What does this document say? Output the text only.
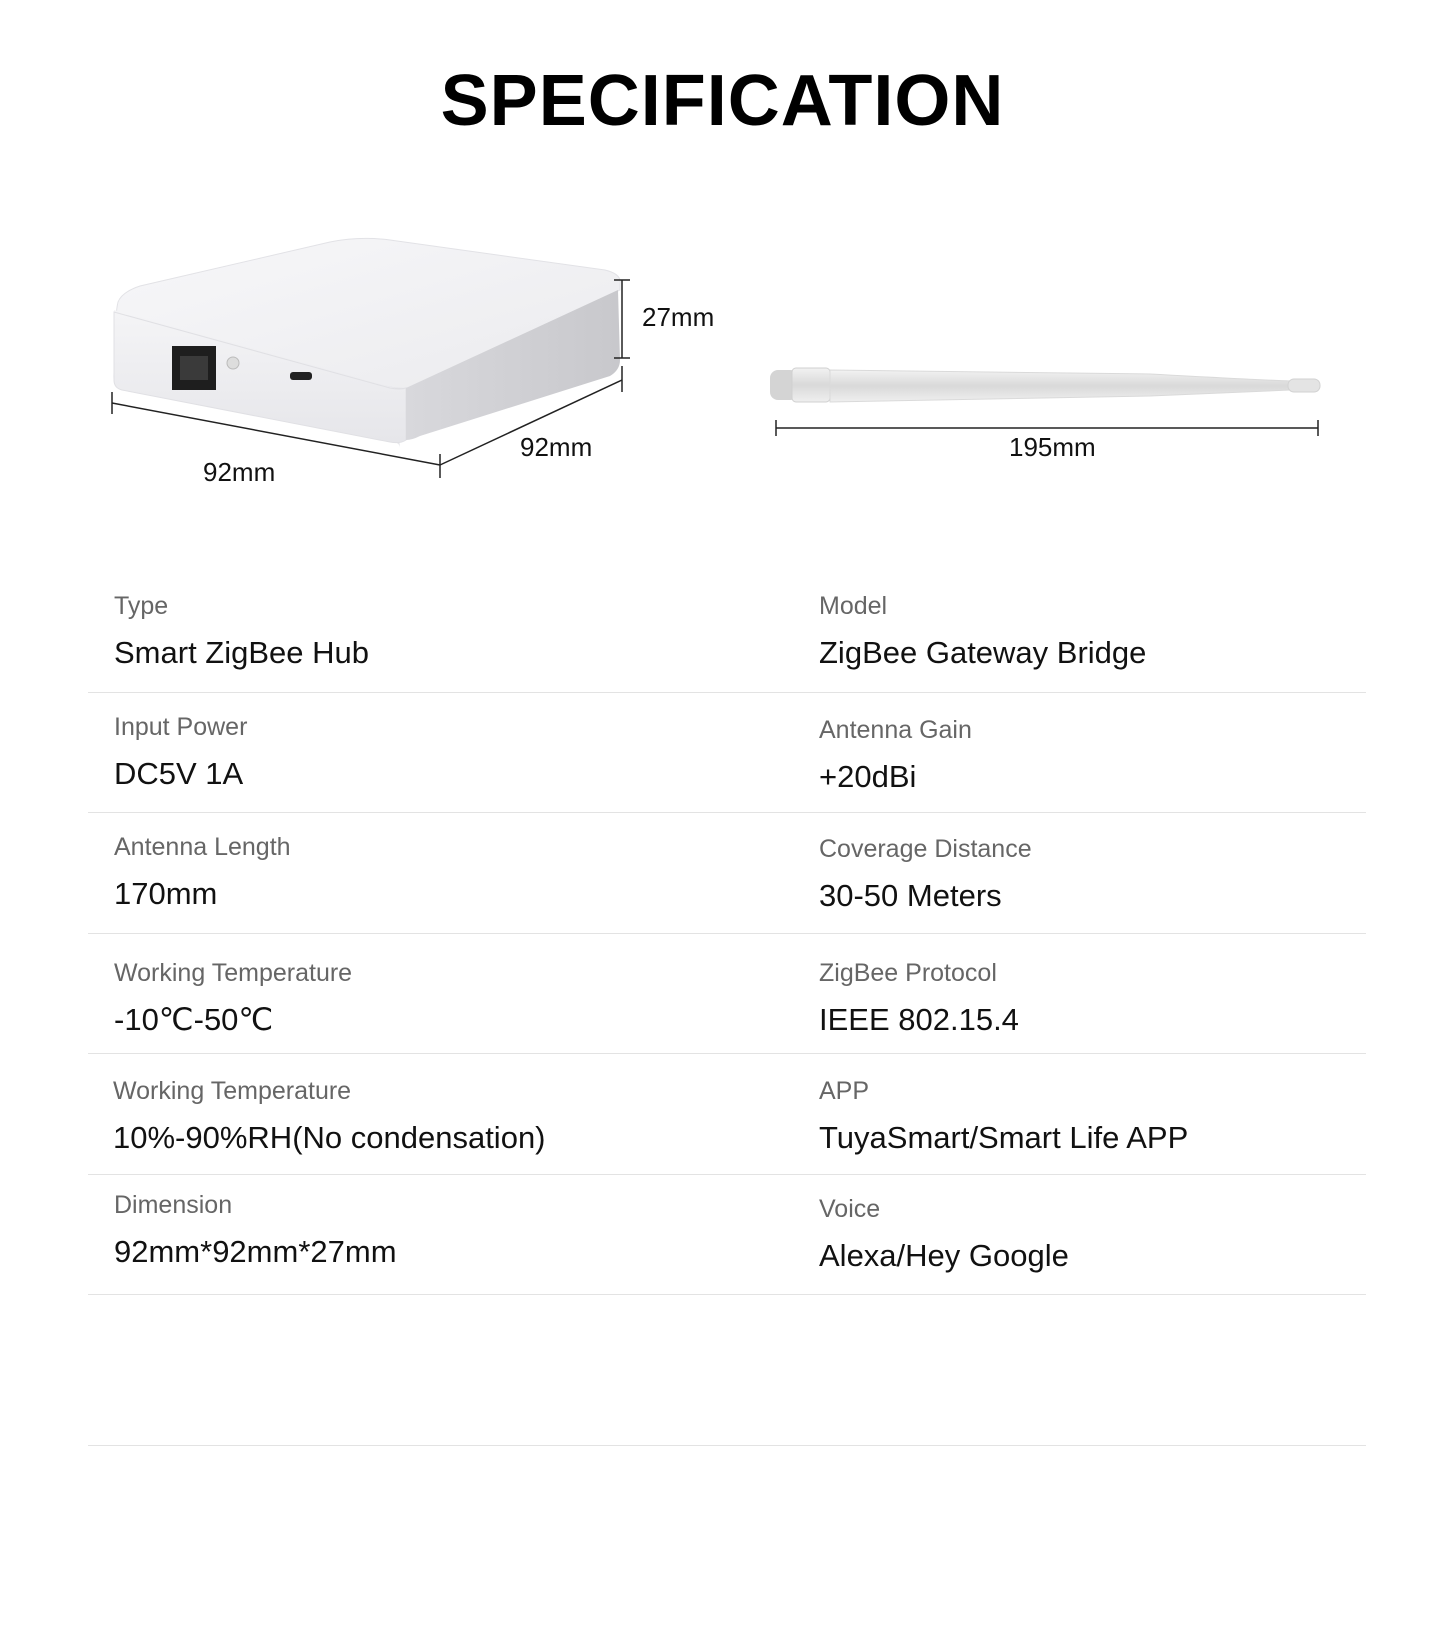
SPECIFICATION
27mm
92mm
92mm
195mm

Type

Smart ZigBee Hub

Model

ZigBee Gateway Bridge

Input Power

DC5V 1A

Antenna Gain

+20dBi

Antenna Length

170mm

Coverage Distance

30-50 Meters

Working Temperature

-10℃-50℃

ZigBee Protocol

IEEE 802.15.4

Working Temperature

10%-90%RH(No condensation)

APP

TuyaSmart/Smart Life APP

Dimension

92mm*92mm*27mm

Voice

Alexa/Hey Google
